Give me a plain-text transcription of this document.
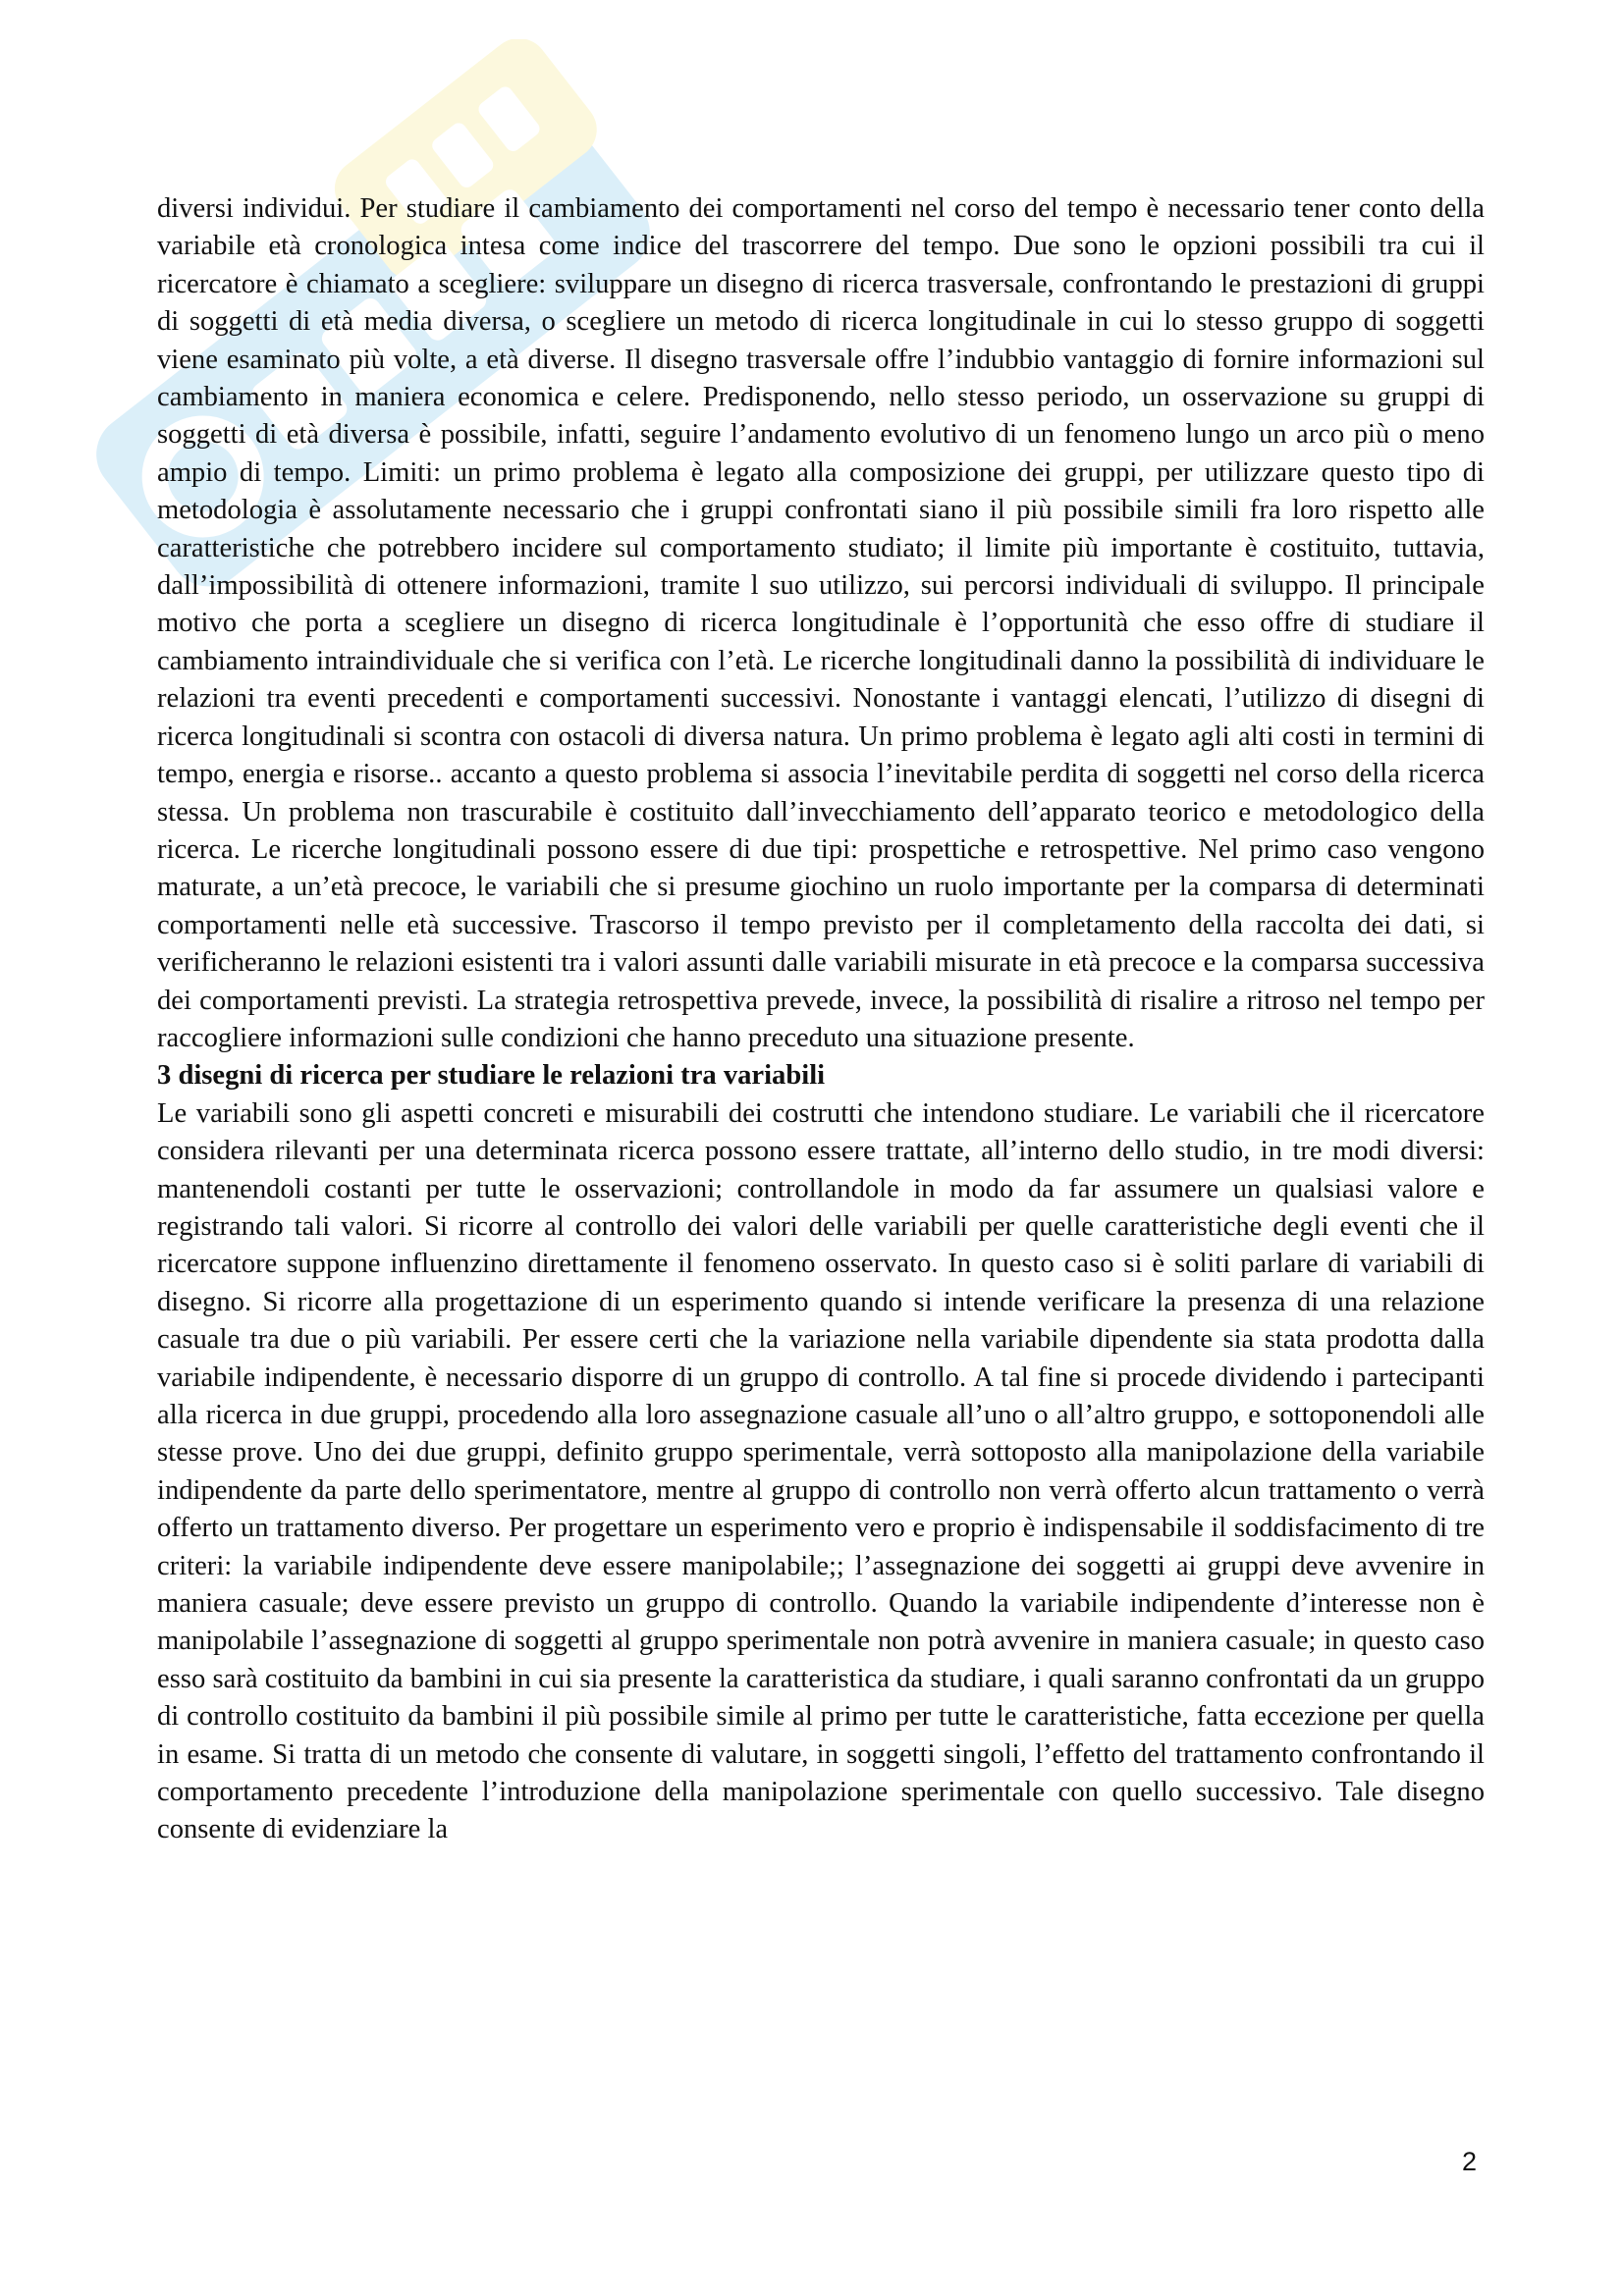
diversi individui. Per studiare il cambiamento dei comportamenti nel corso del tempo è necessario tener conto della variabile età cronologica intesa come indice del trascorrere del tempo. Due sono le opzioni possibili tra cui il ricercatore è chiamato a scegliere: sviluppare un disegno di ricerca trasversale, confrontando le prestazioni di gruppi di soggetti di età media diversa, o scegliere un metodo di ricerca longitudinale in cui lo stesso gruppo di soggetti viene esaminato più volte, a età diverse. Il disegno trasversale offre l’indubbio vantaggio di fornire informazioni sul cambiamento in maniera economica e celere. Predisponendo, nello stesso periodo, un osservazione su gruppi di soggetti di età diversa è possibile, infatti, seguire l’andamento evolutivo di un fenomeno lungo un arco più o meno ampio di tempo. Limiti: un primo problema è legato alla composizione dei gruppi, per utilizzare questo tipo di metodologia è assolutamente necessario che i gruppi confrontati siano il più possibile simili fra loro rispetto alle caratteristiche che potrebbero incidere sul comportamento studiato; il limite più importante è costituito, tuttavia, dall’impossibilità di ottenere informazioni, tramite l suo utilizzo, sui percorsi individuali di sviluppo. Il principale motivo che porta a scegliere un disegno di ricerca longitudinale è l’opportunità che esso offre di studiare il cambiamento intraindividuale che si verifica con l’età. Le ricerche longitudinali danno la possibilità di individuare le relazioni tra eventi precedenti e comportamenti successivi. Nonostante i vantaggi elencati, l’utilizzo di disegni di ricerca longitudinali si scontra con ostacoli di diversa natura. Un primo problema è legato agli alti costi in termini di tempo, energia e risorse.. accanto a questo problema si associa l’inevitabile perdita di soggetti nel corso della ricerca stessa. Un problema non trascurabile è costituito dall’invecchiamento dell’apparato teorico e metodologico della ricerca. Le ricerche longitudinali possono essere di due tipi: prospettiche e retrospettive. Nel primo caso vengono maturate, a un’età precoce, le variabili che si presume giochino un ruolo importante per la comparsa di determinati comportamenti nelle età successive. Trascorso il tempo previsto per il completamento della raccolta dei dati, si verificheranno le relazioni esistenti tra i valori assunti dalle variabili misurate in età precoce e la comparsa successiva dei comportamenti previsti. La strategia retrospettiva prevede, invece, la possibilità di risalire a ritroso nel tempo per raccogliere informazioni sulle condizioni che hanno preceduto una situazione presente.

3 disegni di ricerca per studiare le relazioni tra variabili

Le variabili sono gli aspetti concreti e misurabili dei costrutti che intendono studiare. Le variabili che il ricercatore considera rilevanti per una determinata ricerca possono essere trattate, all’interno dello studio, in tre modi diversi: mantenendoli costanti per tutte le osservazioni; controllandole in modo da far assumere un qualsiasi valore e registrando tali valori. Si ricorre al controllo dei valori delle variabili per quelle caratteristiche degli eventi che il ricercatore suppone influenzino direttamente il fenomeno osservato. In questo caso si è soliti parlare di variabili di disegno. Si ricorre alla progettazione di un esperimento quando si intende verificare la presenza di una relazione casuale tra due o più variabili. Per essere certi che la variazione nella variabile dipendente sia stata prodotta dalla variabile indipendente, è necessario disporre di un gruppo di controllo. A tal fine si procede dividendo i partecipanti alla ricerca in due gruppi, procedendo alla loro assegnazione casuale all’uno o all’altro gruppo, e sottoponendoli alle stesse prove. Uno dei due gruppi, definito gruppo sperimentale, verrà sottoposto alla manipolazione della variabile indipendente da parte dello sperimentatore, mentre al gruppo di controllo non verrà offerto alcun trattamento o verrà offerto un trattamento diverso. Per progettare un esperimento vero e proprio è indispensabile il soddisfacimento di tre criteri: la variabile indipendente deve essere manipolabile;; l’assegnazione dei soggetti ai gruppi deve avvenire in maniera casuale; deve essere previsto un gruppo di controllo. Quando la variabile indipendente d’interesse non è manipolabile l’assegnazione di soggetti al gruppo sperimentale non potrà avvenire in maniera casuale; in questo caso esso sarà costituito da bambini in cui sia presente la caratteristica da studiare, i quali saranno confrontati da un gruppo di controllo costituito da bambini il più possibile simile al primo per tutte le caratteristiche, fatta eccezione per quella in esame. Si tratta di un metodo che consente di valutare, in soggetti singoli, l’effetto del trattamento confrontando il comportamento precedente l’introduzione della manipolazione sperimentale con quello successivo. Tale disegno consente di evidenziare la

2
